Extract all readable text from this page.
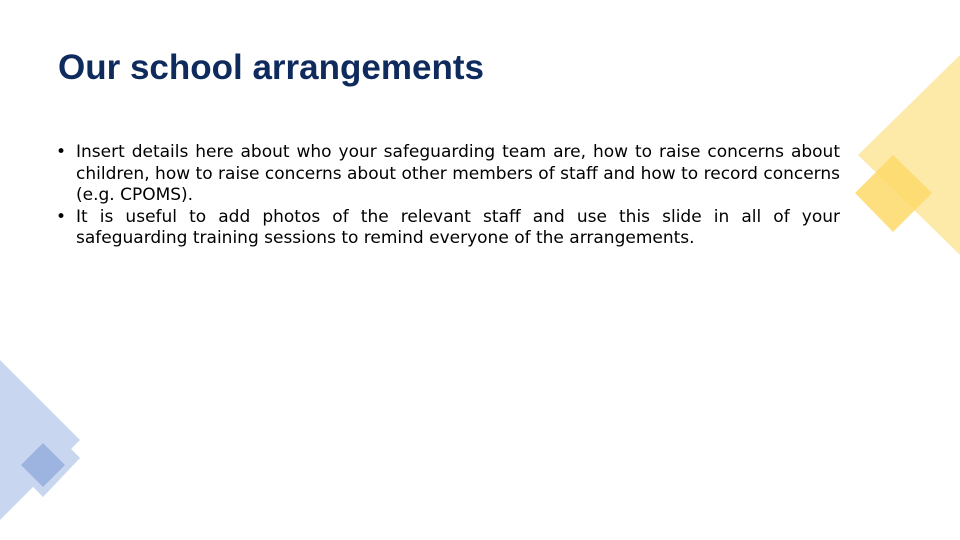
Our school arrangements
• Insert details here about who your safeguarding team are, how to raise concerns about children, how to raise concerns about other members of staff and how to record concerns (e.g. CPOMS).
• It is useful to add photos of the relevant staff and use this slide in all of your safeguarding training sessions to remind everyone of the arrangements.
